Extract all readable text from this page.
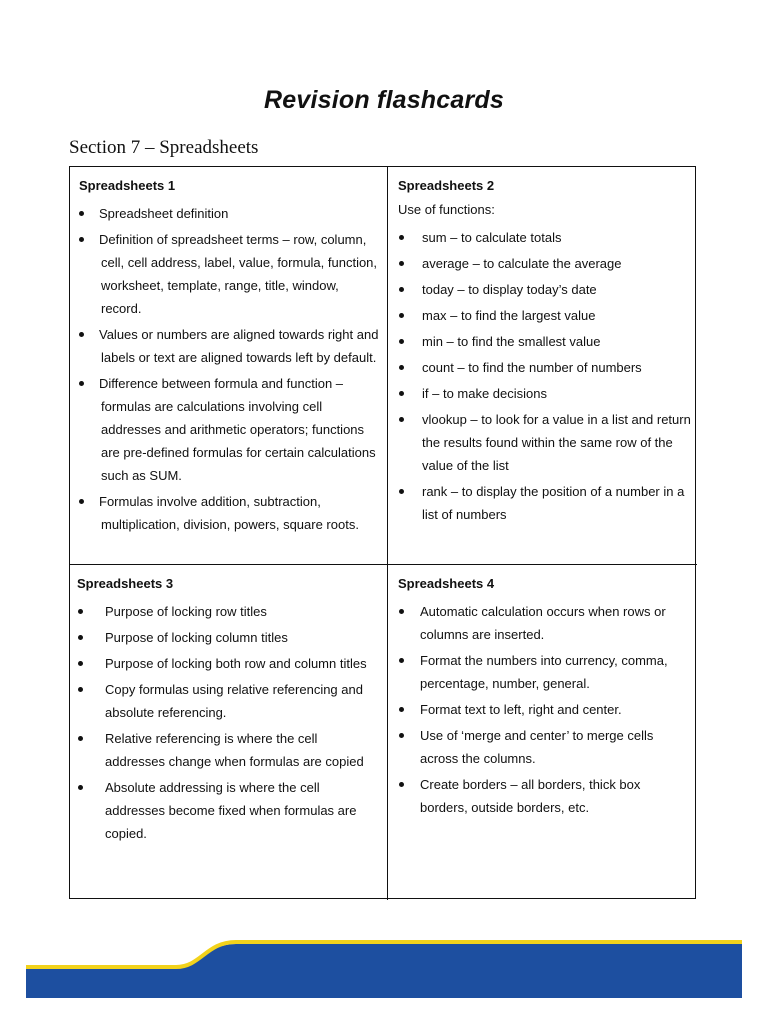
Revision flashcards
Section 7 – Spreadsheets
Spreadsheets 1
Spreadsheet definition
Definition of spreadsheet terms – row, column, cell, cell address, label, value, formula, function, worksheet, template, range, title, window, record.
Values or numbers are aligned towards right and labels or text are aligned towards left by default.
Difference between formula and function – formulas are calculations involving cell addresses and arithmetic operators; functions are pre-defined formulas for certain calculations such as SUM.
Formulas involve addition, subtraction, multiplication, division, powers, square roots.
Spreadsheets 2
Use of functions:
sum – to calculate totals
average – to calculate the average
today – to display today’s date
max – to find the largest value
min – to find the smallest value
count – to find the number of numbers
if – to make decisions
vlookup – to look for a value in a list and return the results found within the same row of the value of the list
rank – to display the position of a number in a list of numbers
Spreadsheets 3
Purpose of locking row titles
Purpose of locking column titles
Purpose of locking both row and column titles
Copy formulas using relative referencing and absolute referencing.
Relative referencing is where the cell addresses change when formulas are copied
Absolute addressing is where the cell addresses become fixed when formulas are copied.
Spreadsheets 4
Automatic calculation occurs when rows or columns are inserted.
Format the numbers into currency, comma, percentage, number, general.
Format text to left, right and center.
Use of ‘merge and center’ to merge cells across the columns.
Create borders – all borders, thick box borders, outside borders, etc.
